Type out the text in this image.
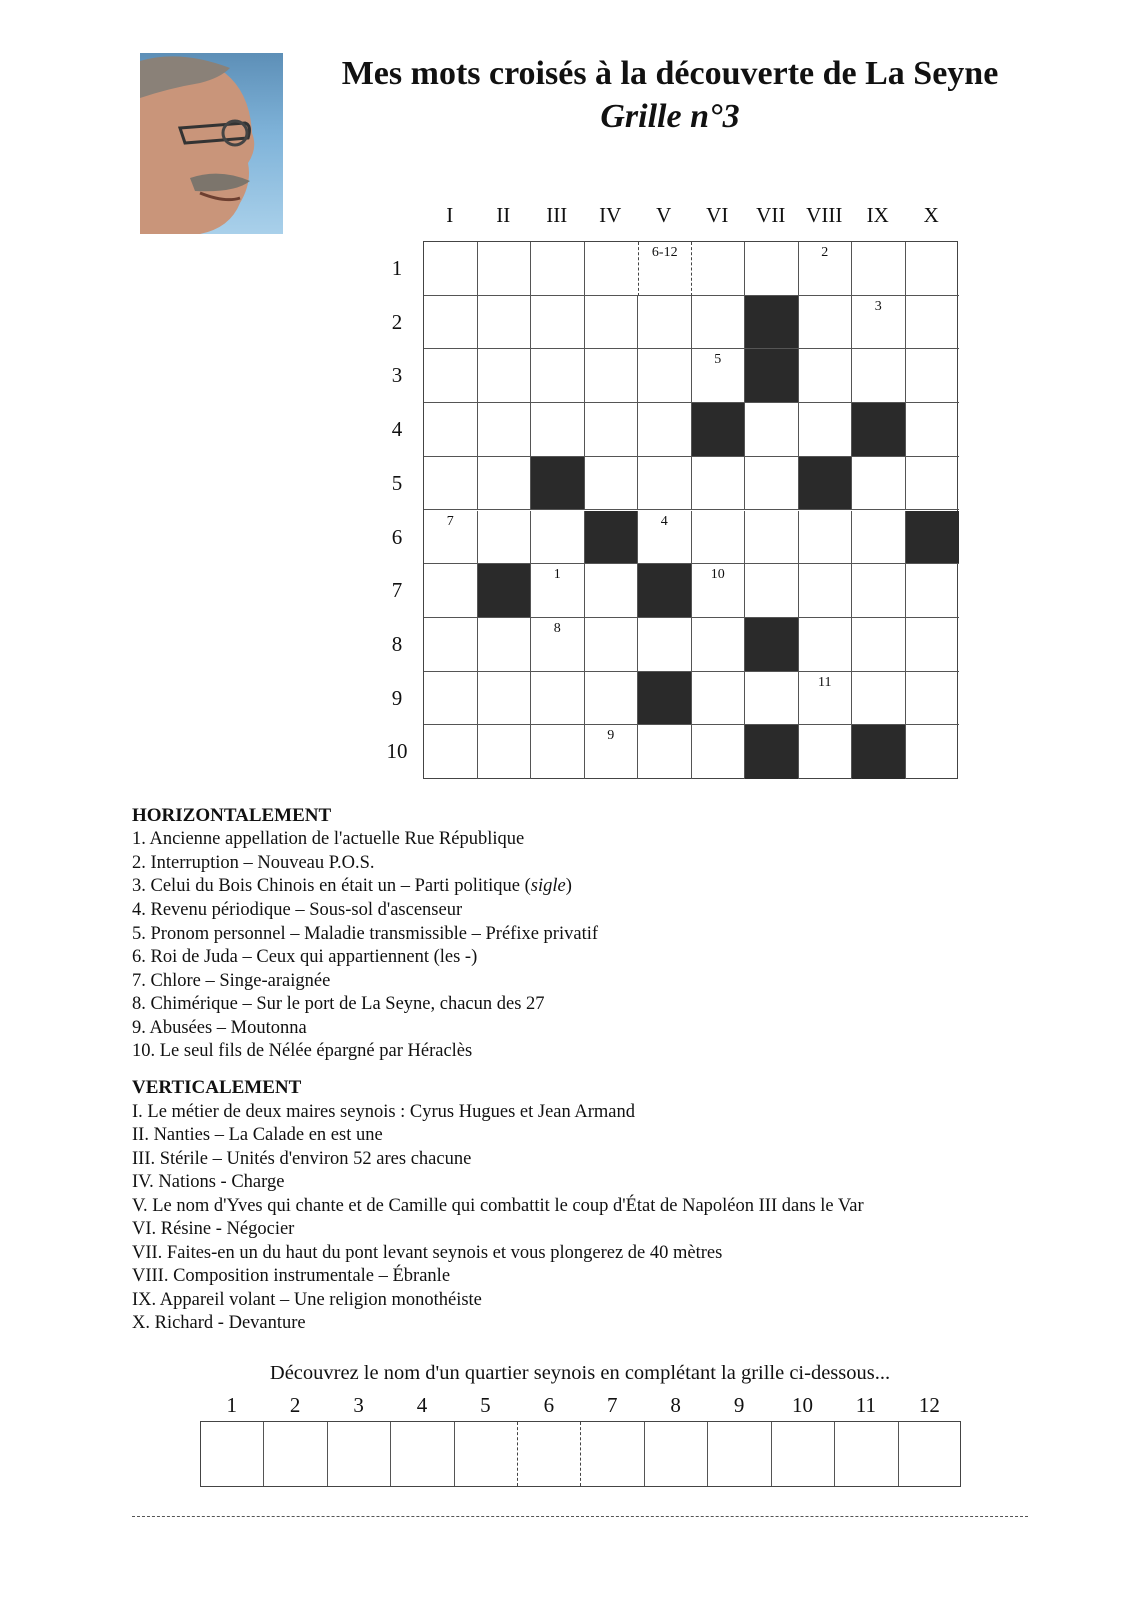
Mes mots croisés à la découverte de La Seyne
Grille n°3
I	II	III	IV	V	VI	VII VIII	IX	X
1
2
3
4
5
6
7
8
9
10
6-12	2
3
5
7	4
1	10
8
11
9
HORIZONTALEMENT
1. Ancienne appellation de l'actuelle Rue République
2. Interruption – Nouveau P.O.S.
3. Celui du Bois Chinois en était un – Parti politique (sigle)
4. Revenu périodique – Sous-sol d'ascenseur
5. Pronom personnel – Maladie transmissible – Préfixe privatif
6. Roi de Juda – Ceux qui appartiennent (les -)
7. Chlore – Singe-araignée
8. Chimérique – Sur le port de La Seyne, chacun des 27
9. Abusées – Moutonna
10. Le seul fils de Nélée épargné par Héraclès
VERTICALEMENT
I. Le métier de deux maires seynois : Cyrus Hugues et Jean Armand
II. Nanties – La Calade en est une
III. Stérile – Unités d'environ 52 ares chacune
IV. Nations - Charge
V. Le nom d'Yves qui chante et de Camille qui combattit le coup d'État de Napoléon III dans le Var
VI. Résine - Négocier
VII. Faites-en un du haut du pont levant seynois et vous plongerez de 40 mètres
VIII. Composition instrumentale – Ébranle
IX. Appareil volant – Une religion monothéiste
X. Richard - Devanture
Découvrez le nom d'un quartier seynois en complétant la grille ci-dessous...
1	2	3	4	5	6	7	8	9	10	11	12
